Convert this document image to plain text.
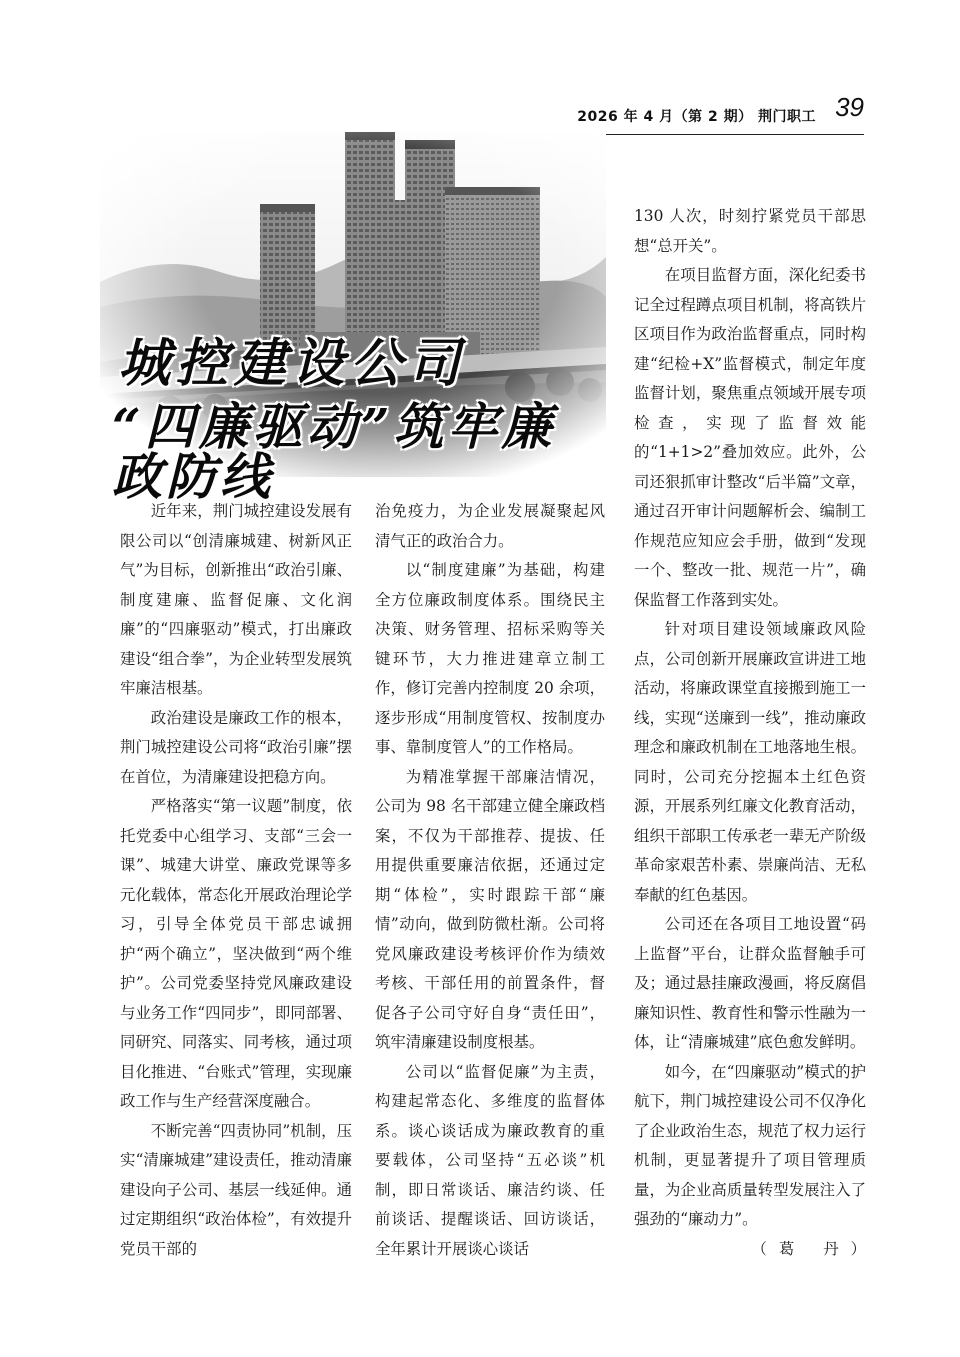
2026 年 4 月（第 2 期） 荆门职工 39
城控建设公司
“四廉驱动”筑牢廉政防线

近年来，荆门城控建设发展有限公司以“创清廉城建、树新风正气”为目标，创新推出“政治引廉、制度建廉、监督促廉、文化润廉”的“四廉驱动”模式，打出廉政建设“组合拳”，为企业转型发展筑牢廉洁根基。

政治建设是廉政工作的根本，荆门城控建设公司将“政治引廉”摆在首位，为清廉建设把稳方向。

严格落实“第一议题”制度，依托党委中心组学习、支部“三会一课”、城建大讲堂、廉政党课等多元化载体，常态化开展政治理论学习，引导全体党员干部忠诚拥护“两个确立”，坚决做到“两个维护”。公司党委坚持党风廉政建设与业务工作“四同步”，即同部署、同研究、同落实、同考核，通过项目化推进、“台账式”管理，实现廉政工作与生产经营深度融合。

不断完善“四责协同”机制，压实“清廉城建”建设责任，推动清廉建设向子公司、基层一线延伸。通过定期组织“政治体检”，有效提升党员干部的

治免疫力，为企业发展凝聚起风清气正的政治合力。

以“制度建廉”为基础，构建全方位廉政制度体系。围绕民主决策、财务管理、招标采购等关键环节，大力推进建章立制工作，修订完善内控制度 20 余项，逐步形成“用制度管权、按制度办事、靠制度管人”的工作格局。

为精准掌握干部廉洁情况，公司为 98 名干部建立健全廉政档案，不仅为干部推荐、提拔、任用提供重要廉洁依据，还通过定期“体检”，实时跟踪干部“廉情”动向，做到防微杜渐。公司将党风廉政建设考核评价作为绩效考核、干部任用的前置条件，督促各子公司守好自身“责任田”，筑牢清廉建设制度根基。

公司以“监督促廉”为主责，构建起常态化、多维度的监督体系。谈心谈话成为廉政教育的重要载体，公司坚持“五必谈”机制，即日常谈话、廉洁约谈、任前谈话、提醒谈话、回访谈话，全年累计开展谈心谈话

130 人次，时刻拧紧党员干部思想“总开关”。

在项目监督方面，深化纪委书记全过程蹲点项目机制，将高铁片区项目作为政治监督重点，同时构建“纪检+X”监督模式，制定年度监督计划，聚焦重点领域开展专项检查，实现了监督效能的“1+1>2”叠加效应。此外，公司还狠抓审计整改“后半篇”文章，通过召开审计问题解析会、编制工作规范应知应会手册，做到“发现一个、整改一批、规范一片”，确保监督工作落到实处。

针对项目建设领域廉政风险点，公司创新开展廉政宣讲进工地活动，将廉政课堂直接搬到施工一线，实现“送廉到一线”，推动廉政理念和廉政机制在工地落地生根。同时，公司充分挖掘本土红色资源，开展系列红廉文化教育活动，组织干部职工传承老一辈无产阶级革命家艰苦朴素、崇廉尚洁、无私奉献的红色基因。

公司还在各项目工地设置“码上监督”平台，让群众监督触手可及；通过悬挂廉政漫画，将反腐倡廉知识性、教育性和警示性融为一体，让“清廉城建”底色愈发鲜明。

如今，在“四廉驱动”模式的护航下，荆门城控建设公司不仅净化了企业政治生态，规范了权力运行机制，更显著提升了项目管理质量，为企业高质量转型发展注入了强劲的“廉动力”。
（葛 丹）
